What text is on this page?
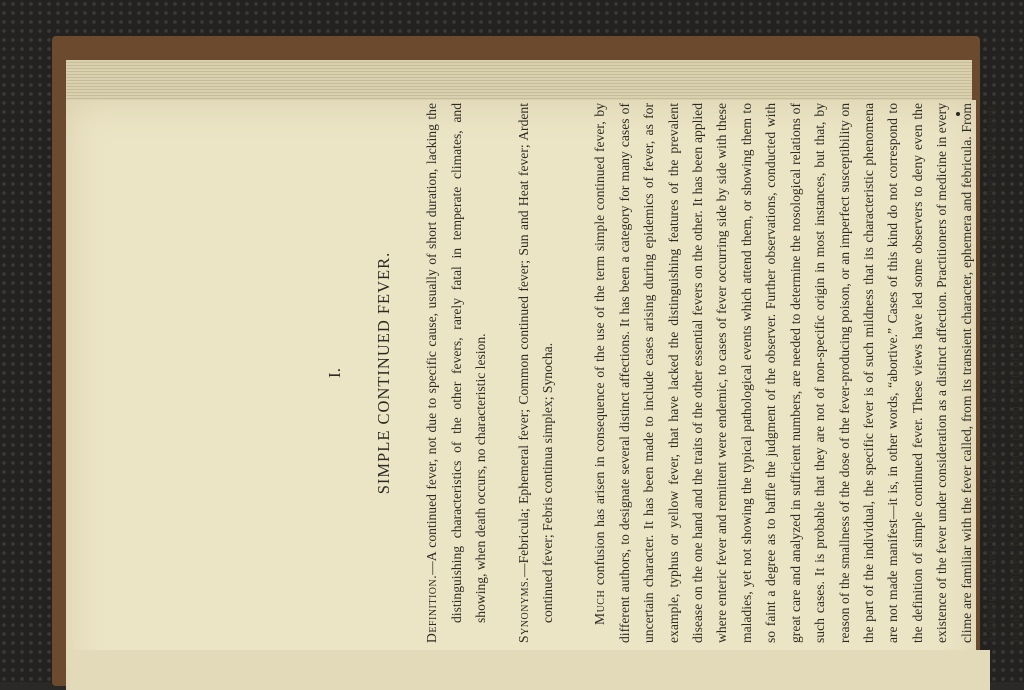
I.	SIMPLE CONTINUED FEVER.

Definition.—A continued fever, not due to specific cause, usually of short duration, lacking the distinguishing characteristics of the other fevers, rarely fatal in temperate climates, and showing, when death occurs, no characteristic lesion.	Synonyms.—Febricula; Ephemeral fever; Common continued fever; Sun and Heat fever; Ardent continued fever; Febris continua simplex; Synocha.	Much confusion has arisen in consequence of the use of the term simple continued fever, by different authors, to designate several distinct affections. It has been a category for many cases of uncertain character. It has been made to include cases arising during epidemics of fever, as for example, typhus or yellow fever, that have lacked the distinguishing features of the prevalent disease on the one hand and the traits of the other essential fevers on the other. It has been applied where enteric fever and remittent were endemic, to cases of fever occurring side by side with these maladies, yet not showing the typical pathological events which attend them, or showing them to so faint a degree as to baffle the judgment of the observer. Further observations, conducted with great care and analyzed in sufficient numbers, are needed to determine the nosological relations of such cases. It is probable that they are not of non-specific origin in most instances, but that, by reason of the smallness of the dose of the fever-producing poison, or an imperfect susceptibility on the part of the individual, the specific fever is of such mildness that its characteristic phenomena are not made manifest—it is, in other words, “abortive.” Cases of this kind do not correspond to the definition of simple continued fever. These views have led some observers to deny even the existence of the fever under consideration as a distinct affection. Practitioners of medicine in every clime are familiar with the fever called, from its transient character, ephemera and febricula. From a duration of one, two, or three days, which is common, this fever may, without other modification, in rare examples, be extended over a period of ten or twelve
